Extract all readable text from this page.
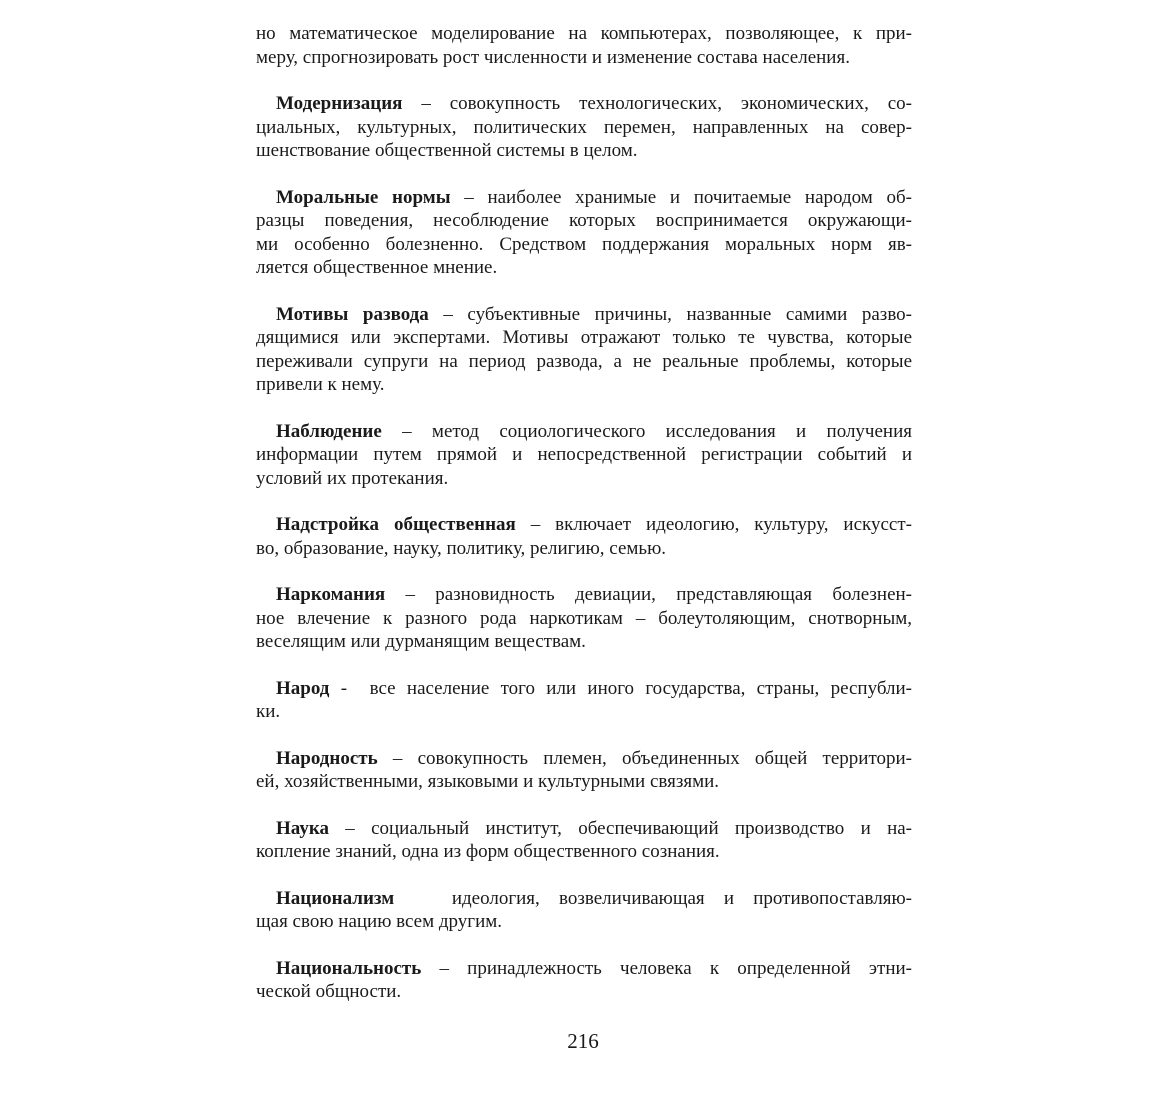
но математическое моделирование на компьютерах, позволяющее, к при-
меру, спрогнозировать рост численности и изменение состава населения.
Модернизация – совокупность технологических, экономических, со-
циальных, культурных, политических перемен, направленных на совер-
шенствование общественной системы в целом.
Моральные нормы – наиболее хранимые и почитаемые народом об-
разцы поведения, несоблюдение которых воспринимается окружающи-
ми особенно болезненно. Средством поддержания моральных норм яв-
ляется общественное мнение.
Мотивы развода – субъективные причины, названные самими разво-
дящимися или экспертами. Мотивы отражают только те чувства, которые
переживали супруги на период развода, а не реальные проблемы, которые
привели к нему.
Наблюдение – метод социологического исследования и получения
информации путем прямой и непосредственной регистрации событий и
условий их протекания.
Надстройка общественная – включает идеологию, культуру, искусст-
во, образование, науку, политику, религию, семью.
Наркомания – разновидность девиации, представляющая болезнен-
ное влечение к разного рода наркотикам – болеутоляющим, снотворным,
веселящим или дурманящим веществам.
Народ -  все население того или иного государства, страны, республи-
ки.
Народность – совокупность племен, объединенных общей территори-
ей, хозяйственными, языковыми и культурными связями.
Наука – социальный институт, обеспечивающий производство и на-
копление знаний, одна из форм общественного сознания.
Национализм   идеология, возвеличивающая и противопоставляю-
щая свою нацию всем другим.
Национальность – принадлежность человека к определенной этни-
ческой общности.
216
